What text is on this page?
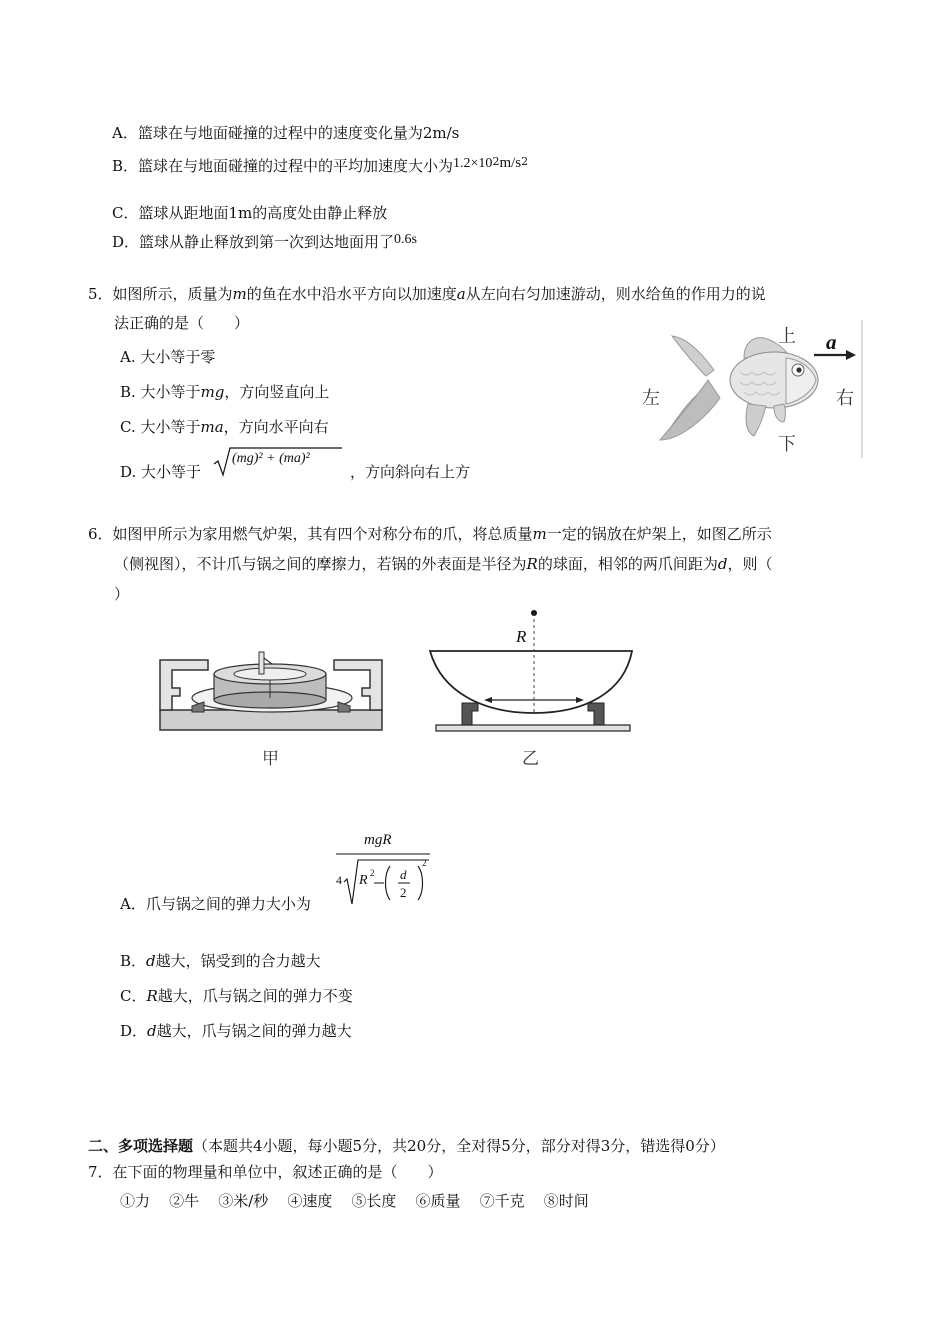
A．篮球在与地面碰撞的过程中的速度变化量为2m/s
B．篮球在与地面碰撞的过程中的平均加速度大小为$1.2\times 10^2m/s^2$
C．篮球从距地面1m的高度处由静止释放
D．篮球从静止释放到第一次到达地面用了0.6s
5．如图所示，质量为m的鱼在水中沿水平方向以加速度a从左向右匀加速游动，则水给鱼的作用力的说
法正确的是（　　）
A. 大小等于零
B. 大小等于mg，方向竖直向上
C. 大小等于ma，方向水平向右
D. 大小等于
(mg)² + (ma)²
，方向斜向右上方
上
下
左	右
a
6．如图甲所示为家用燃气炉架，其有四个对称分布的爪，将总质量m一定的锅放在炉架上，如图乙所示
（侧视图），不计爪与锅之间的摩擦力，若锅的外表面是半径为R的球面，相邻的两爪间距为d，则（
）
甲
R
乙
A．爪与锅之间的弹力大小为
mgR
4 R 2 d
2
2
B．d越大，锅受到的合力越大
C．R越大，爪与锅之间的弹力不变
D．d越大，爪与锅之间的弹力越大
二、多项选择题（本题共4小题，每小题5分，共20分，全对得5分，部分对得3分，错选得0分）
7．在下面的物理量和单位中，叙述正确的是（　　）
①力 ②牛 ③米/秒 ④速度 ⑤长度 ⑥质量 ⑦千克 ⑧时间
